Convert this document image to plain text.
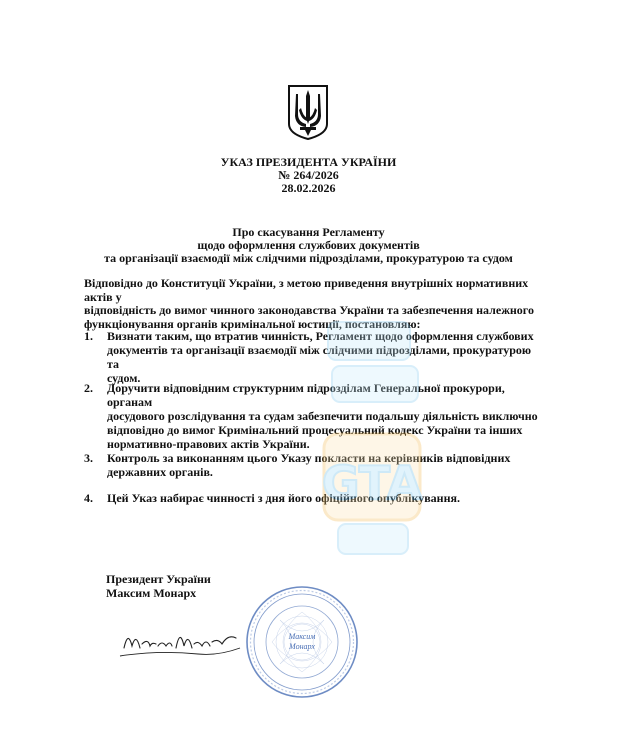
УКАЗ ПРЕЗИДЕНТА УКРАЇНИ
№ 264/2026
28.02.2026
Про скасування Регламенту
щодо оформлення службових документів
та організації взаємодії між слідчими підрозділами, прокуратурою та судом
Відповідно до Конституції України, з метою приведення внутрішніх нормативних актів у
відповідність до вимог чинного законодавства України та забезпечення належного
функціонування органів кримінальної юстиції, постановляю:
1.	Визнати таким, що втратив чинність, Регламент щодо оформлення службових
документів та організації взаємодії між слідчими підрозділами, прокуратурою та
судом.
2.	Доручити відповідним структурним підрозділам Генеральної прокурори, органам
досудового розслідування та судам забезпечити подальшу діяльність виключно
відповідно до вимог Кримінальний процесуальний кодекс України та інших
нормативно-правових актів України.
3.	Контроль за виконанням цього Указу покласти на керівників відповідних
державних органів.
4.	Цей Указ набирає чинності з дня його офіційного опублікування.
Президент України
Максим Монарх
Максим
Монарх
GTA
